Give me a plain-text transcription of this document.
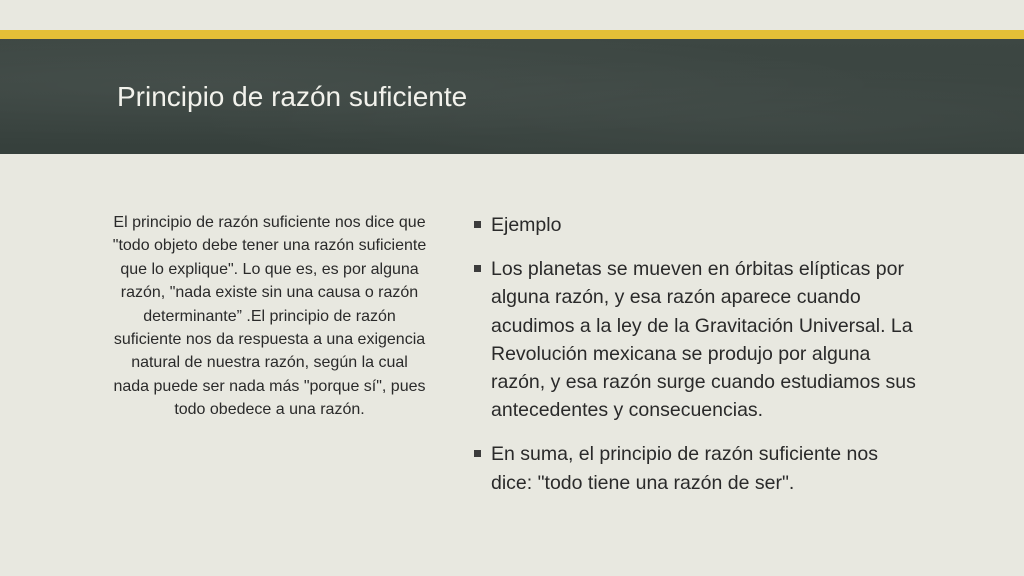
Principio de razón suficiente

El principio de razón suficiente nos dice que "todo objeto debe tener una razón suficiente que lo explique". Lo que es, es por alguna razón, "nada existe sin una causa o razón determinante” .El principio de razón suficiente nos da respuesta a una exigencia natural de nuestra razón, según la cual nada puede ser nada más "porque sí", pues todo obedece a una razón.

Ejemplo
Los planetas se mueven en órbitas elípticas por alguna razón, y esa razón aparece cuando acudimos a la ley de la Gravitación Universal. La Revolución mexicana se produjo por alguna razón, y esa razón surge cuando estudiamos sus antecedentes y consecuencias.
En suma, el principio de razón suficiente nos dice: "todo tiene una razón de ser".
